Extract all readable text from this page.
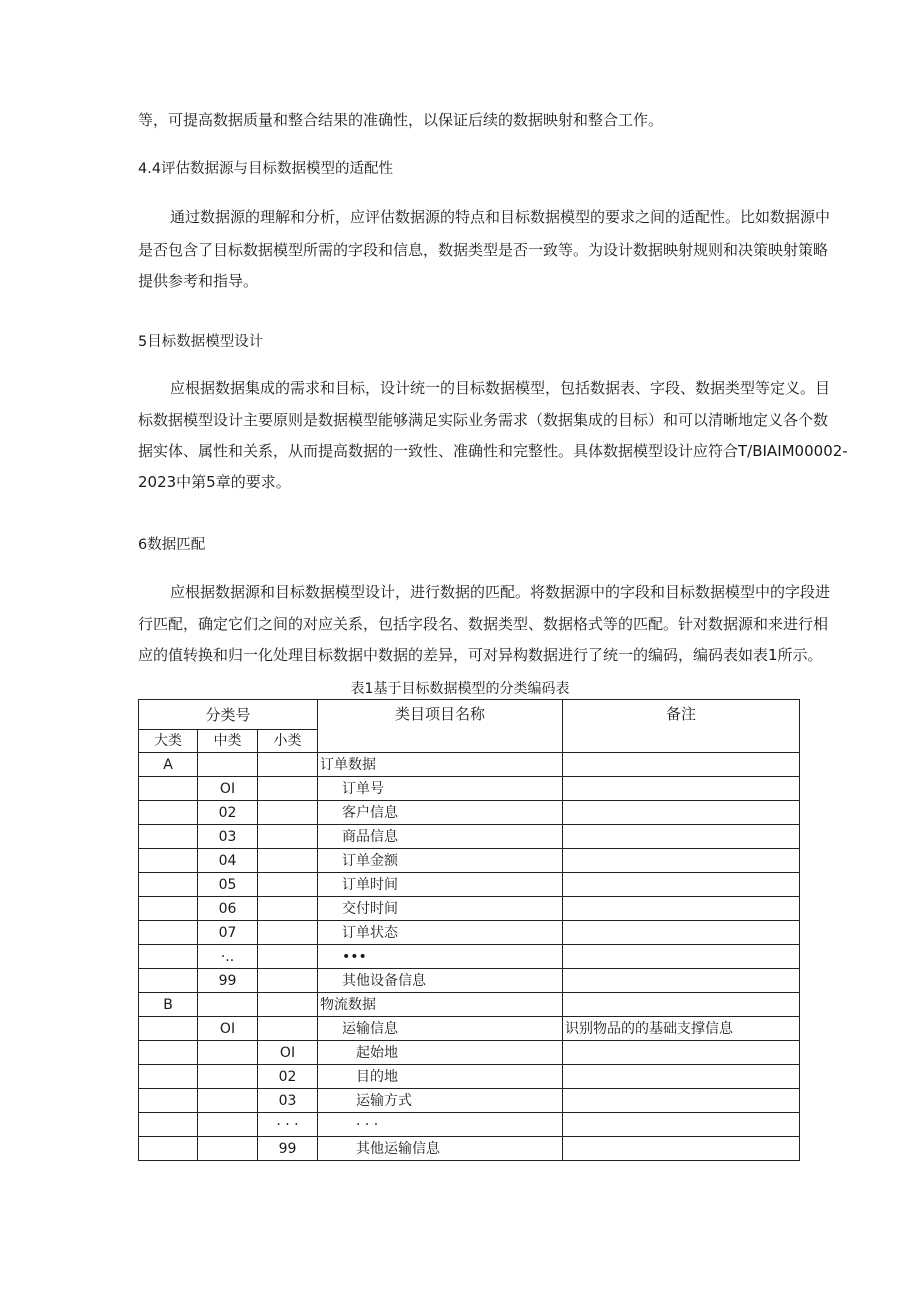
等，可提高数据质量和整合结果的准确性，以保证后续的数据映射和整合工作。
4.4评估数据源与目标数据模型的适配性
通过数据源的理解和分析，应评估数据源的特点和目标数据模型的要求之间的适配性。比如数据源中
是否包含了目标数据模型所需的字段和信息，数据类型是否一致等。为设计数据映射规则和决策映射策略
提供参考和指导。
5目标数据模型设计
应根据数据集成的需求和目标，设计统一的目标数据模型，包括数据表、字段、数据类型等定义。目
标数据模型设计主要原则是数据模型能够满足实际业务需求（数据集成的目标）和可以清晰地定义各个数
据实体、属性和关系，从而提高数据的一致性、准确性和完整性。具体数据模型设计应符合T/BIAIM00002-
2023中第5章的要求。
6数据匹配
应根据数据源和目标数据模型设计，进行数据的匹配。将数据源中的字段和目标数据模型中的字段进
行匹配，确定它们之间的对应关系，包括字段名、数据类型、数据格式等的匹配。针对数据源和来进行相
应的值转换和归一化处理目标数据中数据的差异，可对异构数据进行了统一的编码，编码表如表1所示。
表1基于目标数据模型的分类编码表
分类号			类目项目名称	备注
大类	中类	小类		
A			订单数据	
	OI		订单号	
	02		客户信息	
	03		商品信息	
	04		订单金额	
	05		订单时间	
	06		交付时间	
	07		订单状态	
	·..		•••	
	99		其他设备信息	
B			物流数据	
	OI		运输信息	识别物品的的基础支撑信息
		OI	起始地	
		02	目的地	
		03	运输方式	
		· · ·	· · ·	
		99	其他运输信息	
